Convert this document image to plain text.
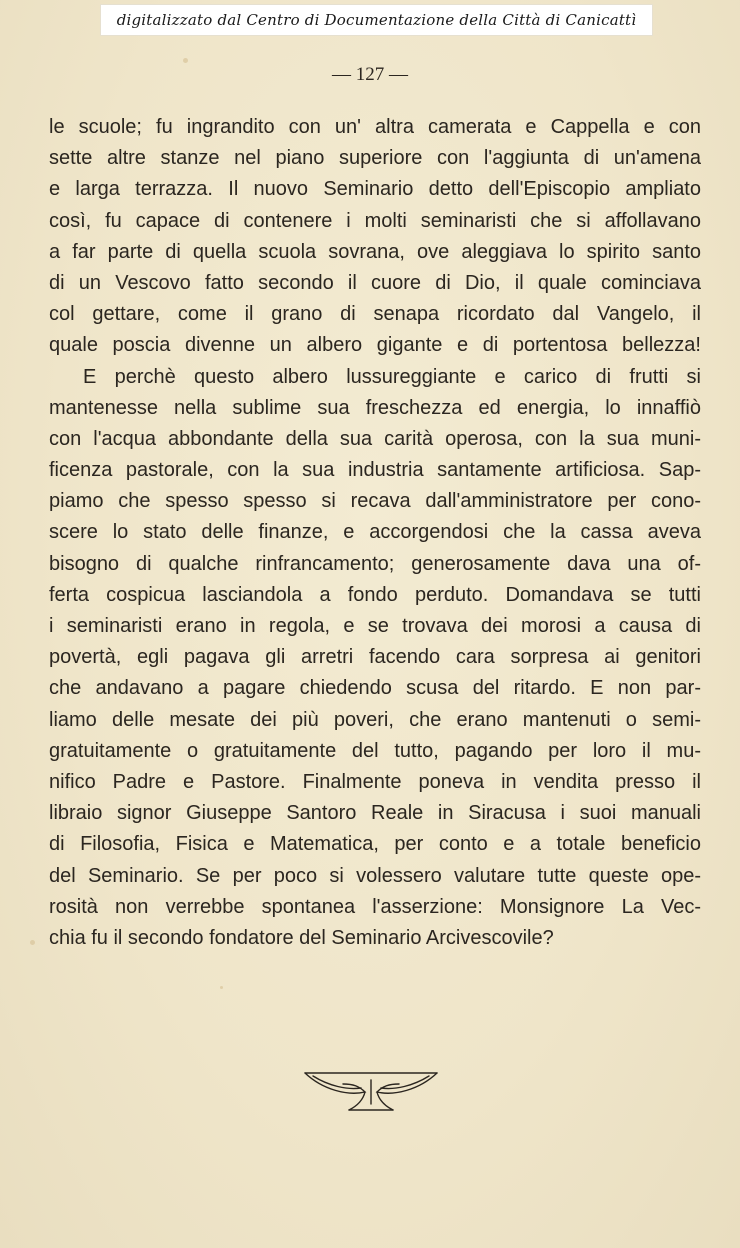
digitalizzato dal Centro di Documentazione della Città di Canicattì
— 127 —
le scuole; fu ingrandito con un' altra camerata e Cappella e con
sette altre stanze nel piano superiore con l'aggiunta di un'amena
e larga terrazza. Il nuovo Seminario detto dell'Episcopio ampliato
così, fu capace di contenere i molti seminaristi che si affollavano
a far parte di quella scuola sovrana, ove aleggiava lo spirito santo
di un Vescovo fatto secondo il cuore di Dio, il quale cominciava
col gettare, come il grano di senapa ricordato dal Vangelo, il
quale poscia divenne un albero gigante e di portentosa bellezza!
E perchè questo albero lussureggiante e carico di frutti si
mantenesse nella sublime sua freschezza ed energia, lo innaffiò
con l'acqua abbondante della sua carità operosa, con la sua muni-
ficenza pastorale, con la sua industria santamente artificiosa. Sap-
piamo che spesso spesso si recava dall'amministratore per cono-
scere lo stato delle finanze, e accorgendosi che la cassa aveva
bisogno di qualche rinfrancamento; generosamente dava una of-
ferta cospicua lasciandola a fondo perduto. Domandava se tutti
i seminaristi erano in regola, e se trovava dei morosi a causa di
povertà, egli pagava gli arretri facendo cara sorpresa ai genitori
che andavano a pagare chiedendo scusa del ritardo. E non par-
liamo delle mesate dei più poveri, che erano mantenuti o semi-
gratuitamente o gratuitamente del tutto, pagando per loro il mu-
nifico Padre e Pastore. Finalmente poneva in vendita presso il
libraio signor Giuseppe Santoro Reale in Siracusa i suoi manuali
di Filosofia, Fisica e Matematica, per conto e a totale beneficio
del Seminario. Se per poco si volessero valutare tutte queste ope-
rosità non verrebbe spontanea l'asserzione: Monsignore La Vec-
chia fu il secondo fondatore del Seminario Arcivescovile?
